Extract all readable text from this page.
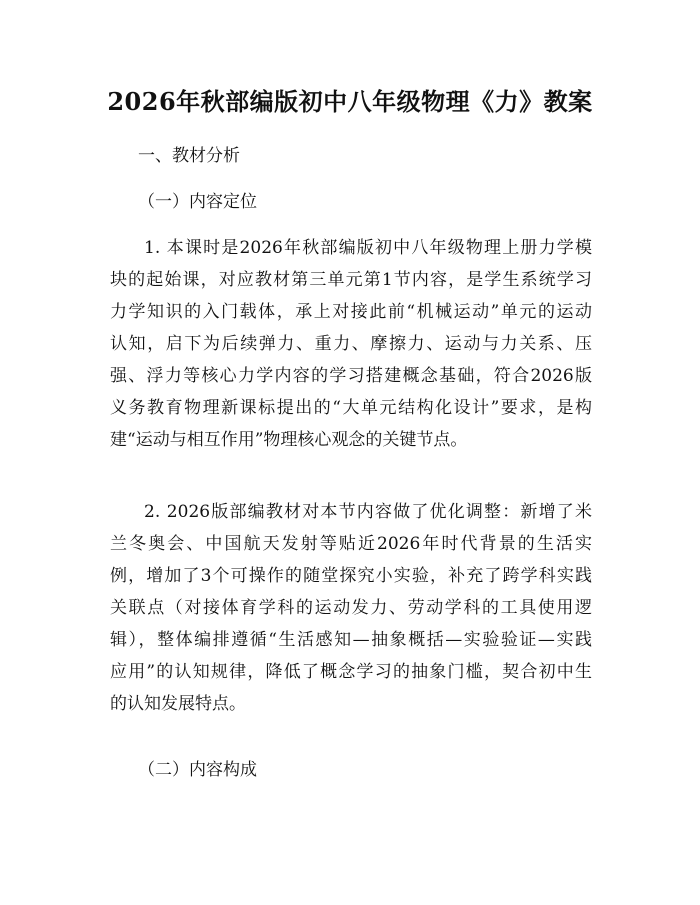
2026年秋部编版初中八年级物理《力》教案
一、教材分析
（一）内容定位
1. 本课时是2026年秋部编版初中八年级物理上册力学模
块的起始课，对应教材第三单元第1节内容，是学生系统学习
力学知识的入门载体，承上对接此前“机械运动”单元的运动
认知，启下为后续弹力、重力、摩擦力、运动与力关系、压
强、浮力等核心力学内容的学习搭建概念基础，符合2026版
义务教育物理新课标提出的“大单元结构化设计”要求，是构
建“运动与相互作用”物理核心观念的关键节点。
2. 2026版部编教材对本节内容做了优化调整：新增了米
兰冬奥会、中国航天发射等贴近2026年时代背景的生活实
例，增加了3个可操作的随堂探究小实验，补充了跨学科实践
关联点（对接体育学科的运动发力、劳动学科的工具使用逻
辑），整体编排遵循“生活感知—抽象概括—实验验证—实践
应用”的认知规律，降低了概念学习的抽象门槛，契合初中生
的认知发展特点。
（二）内容构成
